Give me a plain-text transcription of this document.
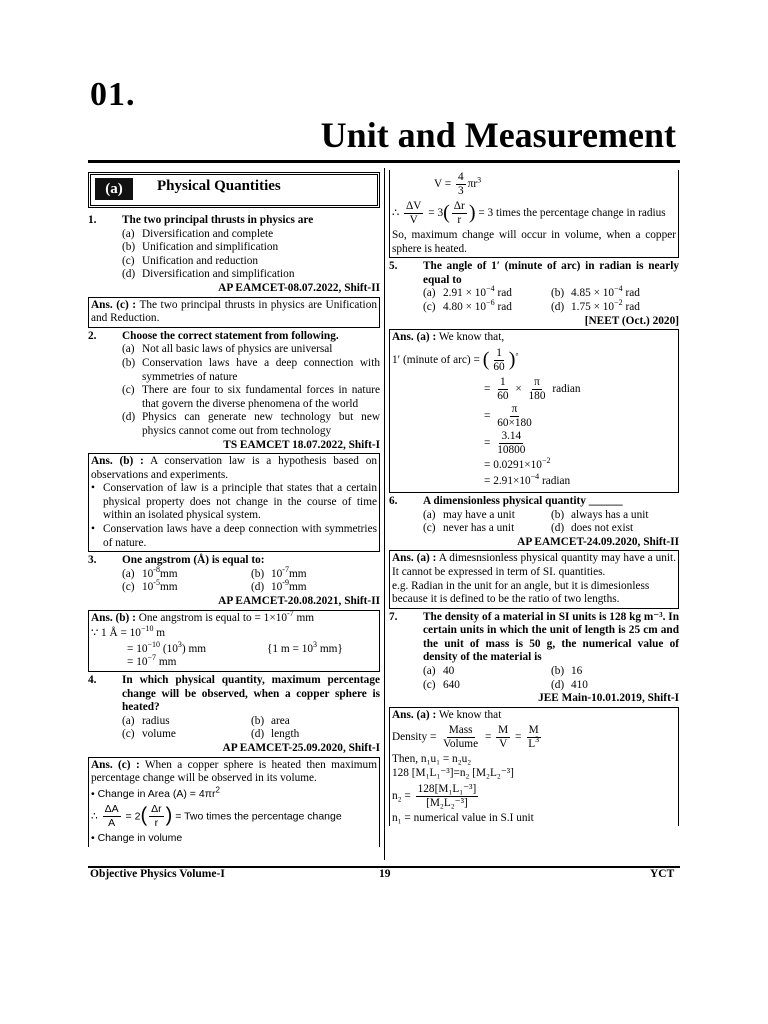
01.
Unit and Measurement
(a)	Physical Quantities
1.	The two principal thrusts in physics are
(a) Diversification and complete
(b) Unification and simplification
(c) Unification and reduction
(d) Diversification and simplification
AP EAMCET-08.07.2022, Shift-II
Ans. (c) : The two principal thrusts in physics are Unification and Reduction.
2.	Choose the correct statement from following.
(a) Not all basic laws of physics are universal
(b) Conservation laws have a deep connection with symmetries of nature
(c) There are four to six fundamental forces in nature that govern the diverse phenomena of the world
(d) Physics can generate new technology but new physics cannot come out from technology
TS EAMCET 18.07.2022, Shift-I
Ans. (b) : A conservation law is a hypothesis based on observations and experiments.
• Conservation of law is a principle that states that a certain physical property does not change in the course of time within an isolated physical system.
• Conservation laws have a deep connection with symmetries of nature.
3.	One angstrom (Å) is equal to:
(a) $10^{-8}mm$	(b) $10^{-7}mm$
(c) $10^{-5}mm$	(d) $10^{-9}mm$
AP EAMCET-20.08.2021, Shift-II
Ans. (b) : One angstrom is equal to = $1\times 10^{-7}$ mm
∵ 1 Å = $10^{-10}$ m
= $10^{-10}$ $(10^3)$ mm	{1 $m = 10^3$ mm}
= $10^{-7}$ mm
4.	In which physical quantity, maximum percentage change will be observed, when a copper sphere is heated?
(a) radius	(b) area
(c) volume	(d) length
AP EAMCET-25.09.2020, Shift-I
Ans. (c) : When a copper sphere is heated then maximum percentage change will be observed in its volume.
• Change in Area $(A) = 4\pi r^2$
∴ $\frac{\Delta A}{A} = 2( \frac{\Delta r}{r}$ ) = Two times the percentage change
• Change in volume
$V = \frac{4}{3} \pi r^3$
∴ $\frac{\Delta V}{V} = 3( \frac{\Delta r}{r}$ ) = 3 times the percentage change in radius
So, maximum change will occur in volume, when a copper sphere is heated.
5.	The angle of 1′ (minute of arc) in radian is nearly equal to
(a) $2.91 \times 10^{-4}$ rad	(b) $4.85 \times 10^{-4}$ rad
(c) $4.80 \times 10^{-6}$ rad	(d) $1.75 \times 10^{-2}$ rad
[NEET (Oct.) 2020]
Ans. (a) : We know that,
1′ (minute of arc) = ( $\frac{1}{60} )^\circ$
= $\frac{1}{60} \times \frac{\pi}{180}$ radian
= $\frac{\pi}{60\times 180}$
= $\frac{3.14}{10800}$
= $0.0291\times 10^{-2}$
= $2.91\times 10^{-4}$ radian
6.	A dimensionless physical quantity ______
(a) may have a unit	(b) always has a unit
(c) never has a unit	(d) does not exist
AP EAMCET-24.09.2020, Shift-II
Ans. (a) : A dimesnsionless physical quantity may have a unit. It cannot be expressed in term of SI. quantities.
e.g. Radian in the unit for an angle, but it is dimesionless
because it is defined to be the ratio of two lengths.
7.	The density of a material in SI units is 128 kg m⁻³. In certain units in which the unit of length is 25 cm and the unit of mass is 50 g, the numerical value of density of the material is
(a) 40	(b) 16
(c) 640	(d) 410
JEE Main-10.01.2019, Shift-I
Ans. (a) : We know that
Density = $\frac{\text{Mass}}{\text{Volume}} = \frac{M}{V} = \frac{M}{L^3}$
Then, n₁u₁ = n₂u₂
128 [M₁L₁⁻³]=n₂ [M₂L₂⁻³]
$n_2 = \frac{\text{128[M₁L₁⁻³]}}{\text{[M₂L₂⁻³]}}$
n₁ = numerical value in S.I unit
Objective Physics Volume-I	19	YCT
